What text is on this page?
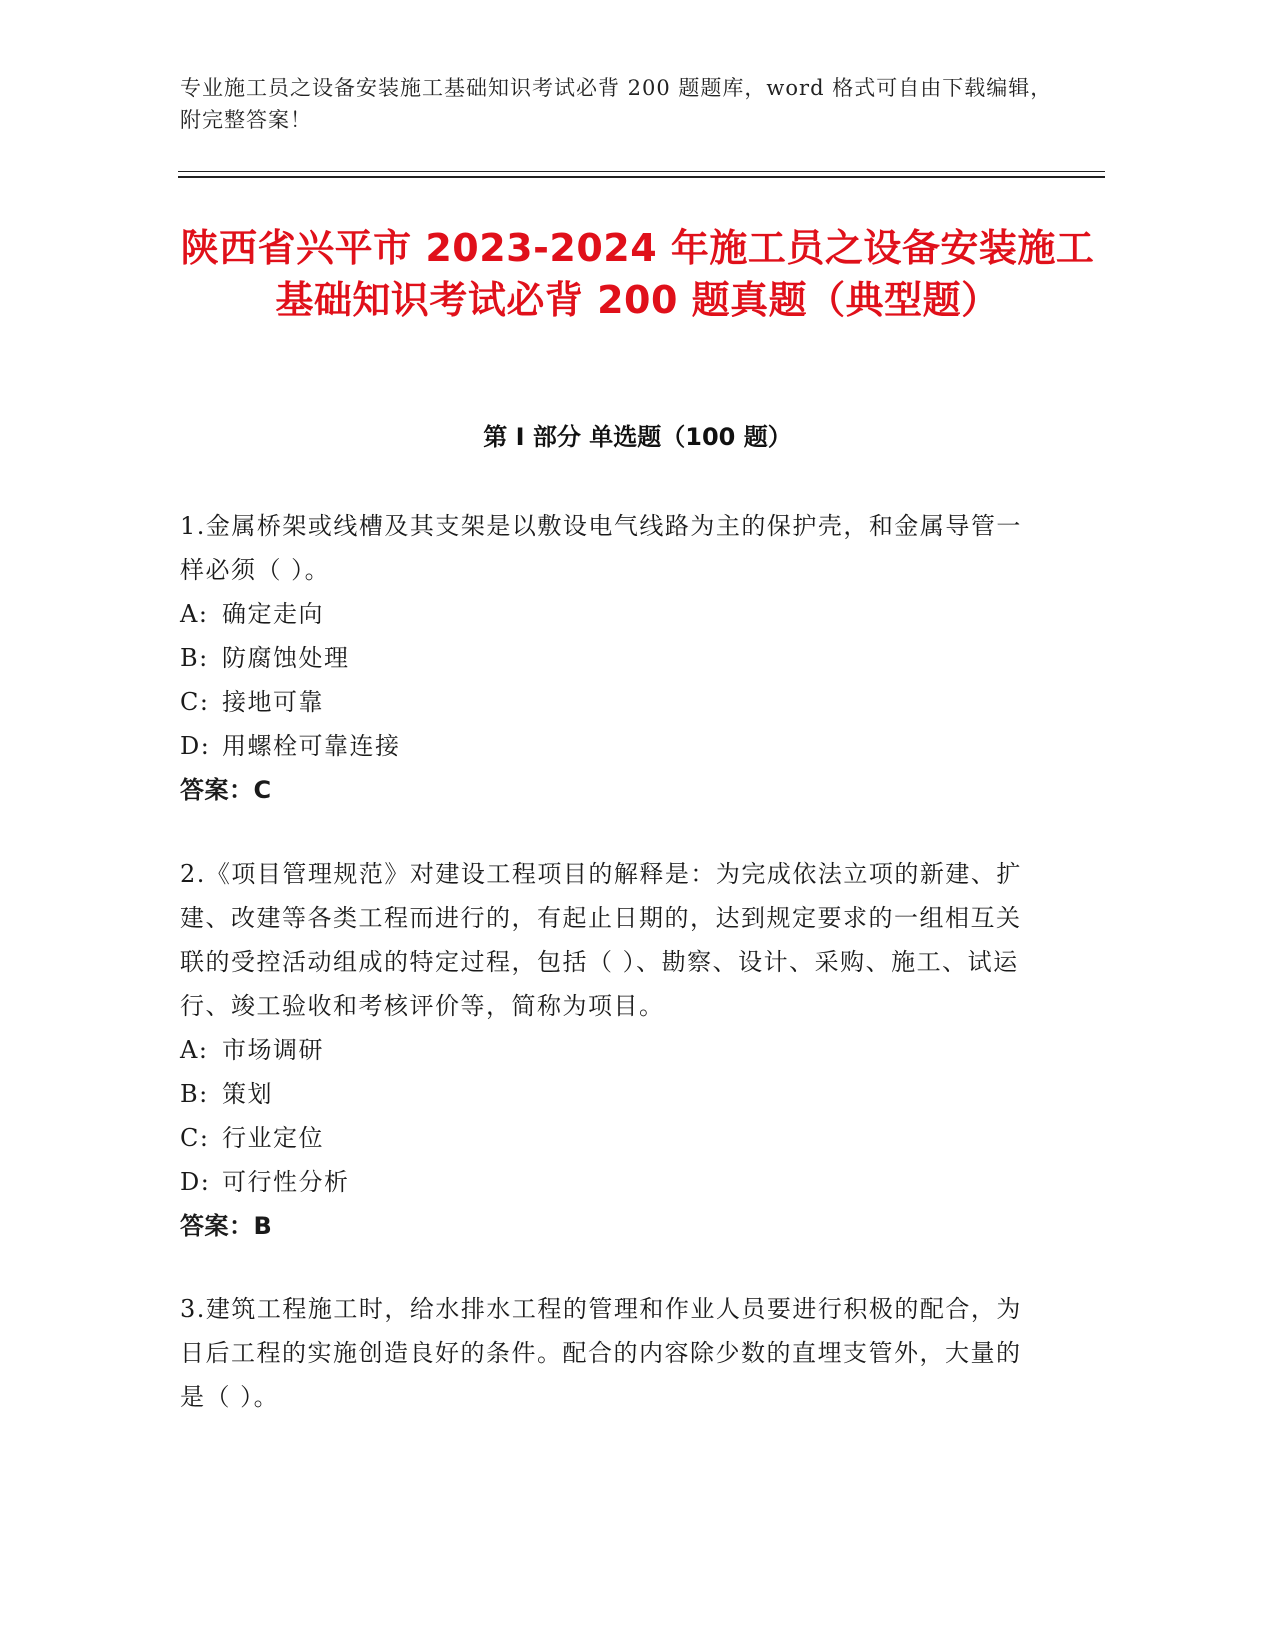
专业施工员之设备安装施工基础知识考试必背 200 题题库，word 格式可自由下载编辑，附完整答案！
陕西省兴平市 2023-2024 年施工员之设备安装施工基础知识考试必背 200 题真题（典型题）
第 I 部分 单选题（100 题）

1.金属桥架或线槽及其支架是以敷设电气线路为主的保护壳，和金属导管一样必须（ ）。

A: 确定走向

B: 防腐蚀处理

C: 接地可靠

D: 用螺栓可靠连接

答案：C

2.《项目管理规范》对建设工程项目的解释是：为完成依法立项的新建、扩建、改建等各类工程而进行的，有起止日期的，达到规定要求的一组相互关联的受控活动组成的特定过程，包括（ ）、勘察、设计、采购、施工、试运行、竣工验收和考核评价等，简称为项目。

A: 市场调研

B: 策划

C: 行业定位

D: 可行性分析

答案：B

3.建筑工程施工时，给水排水工程的管理和作业人员要进行积极的配合，为日后工程的实施创造良好的条件。配合的内容除少数的直埋支管外，大量的是（ ）。
